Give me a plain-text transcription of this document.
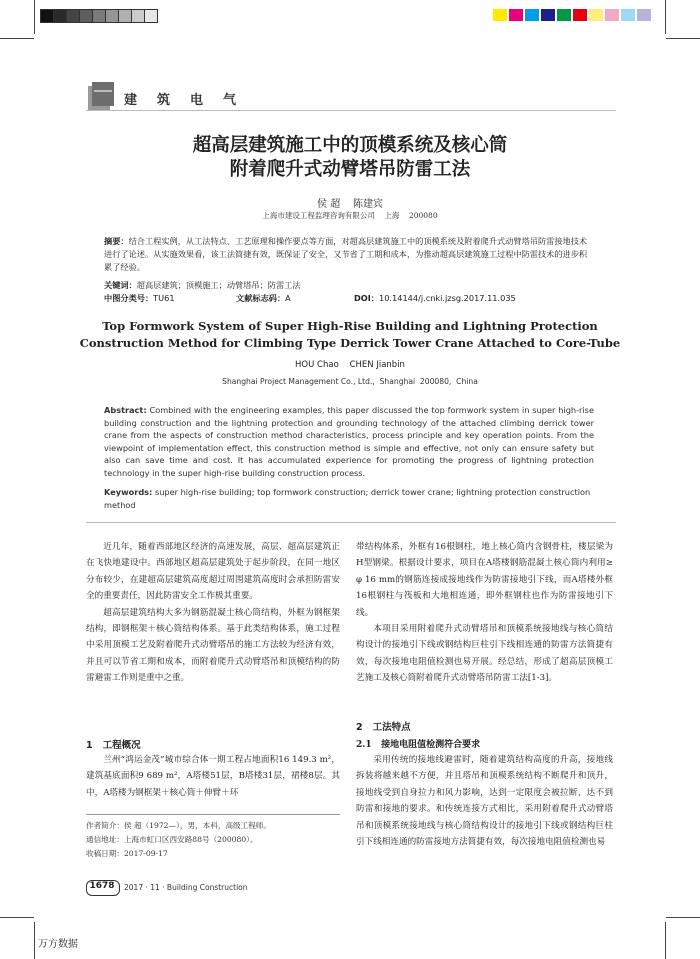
建筑电气
超高层建筑施工中的顶模系统及核心筒
附着爬升式动臂塔吊防雷工法
侯 超    陈建宾
上海市建设工程监理咨询有限公司    上海    200080
摘要：结合工程实例，从工法特点、工艺原理和操作要点等方面，对超高层建筑施工中的顶模系统及附着爬升式动臂塔吊防雷接地技术进行了论述。从实施效果看，该工法简捷有效，既保证了安全，又节省了工期和成本，为推动超高层建筑施工过程中防雷技术的进步积累了经验。
关键词：超高层建筑；顶模施工；动臂塔吊；防雷工法
中图分类号：TU61	文献标志码：A	DOI：10.14144/j.cnki.jzsg.2017.11.035
Top Formwork System of Super High-Rise Building and Lightning Protection
Construction Method for Climbing Type Derrick Tower Crane Attached to Core-Tube
HOU Chao    CHEN Jianbin
Shanghai Project Management Co., Ltd.,  Shanghai  200080,  China
Abstract: Combined with the engineering examples, this paper discussed the top formwork system in super high-rise building construction and the lightning protection and grounding technology of the attached climbing derrick tower crane from the aspects of construction method characteristics, process principle and key operation points. From the viewpoint of implementation effect, this construction method is simple and effective, not only can ensure safety but also can save time and cost. It has accumulated experience for promoting the progress of lightning protection technology in the super high-rise building construction process.
Keywords: super high-rise building; top formwork construction; derrick tower crane; lightning protection construction method

近几年，随着西部地区经济的高速发展，高层、超高层建筑正在飞快地建设中。西部地区超高层建筑处于起步阶段，在同一地区分布较少，在建超高层建筑高度超过周围建筑高度时会承担防雷安全的重要责任，因此防雷安全工作极其重要。

超高层建筑结构大多为钢筋混凝土核心筒结构，外框为钢框架结构，即钢框架＋核心筒结构体系。基于此类结构体系，施工过程中采用顶模工艺及附着爬升式动臂塔吊的施工方法较为经济有效，并且可以节省工期和成本，而附着爬升式动臂塔吊和顶模结构的防雷避雷工作则是重中之重。

1 工程概况

兰州“鸿运金茂”城市综合体一期工程占地面积16 149.3 m²，建筑基底面积9 689 m²，A塔楼51层，B塔楼31层，裙楼8层。其中，A塔楼为钢框架＋核心筒＋伸臂＋环

作者简介：侯 超（1972—），男，本科，高级工程师。
通信地址：上海市虹口区西安路88号（200080）。
收稿日期：2017-09-17

带结构体系，外框有16根钢柱，地上核心筒内含钢骨柱，楼层梁为H型钢梁。根据设计要求，项目在A塔楼钢筋混凝土核心筒内利用≥ φ 16 mm的钢筋连接成接地线作为防雷接地引下线，而A塔楼外框16根钢柱与筏板和大地相连通，即外框钢柱也作为防雷接地引下线。

本项目采用附着爬升式动臂塔吊和顶模系统接地线与核心筒结构设计的接地引下线或钢结构巨柱引下线相连通的防雷方法简捷有效，每次接地电阻值检测也易开展。经总结，形成了超高层顶模工艺施工及核心筒附着爬升式动臂塔吊防雷工法[1-3]。

2 工法特点
2.1 接地电阻值检测符合要求

采用传统的接地线避雷时，随着建筑结构高度的升高，接地线拆装将越来越不方便，并且塔吊和顶模系统结构不断爬升和顶升，接地线受到自身拉力和风力影响，达到一定限度会被拉断，达不到防雷和接地的要求。和传统连接方式相比，采用附着爬升式动臂塔吊和顶模系统接地线与核心筒结构设计的接地引下线或钢结构巨柱引下线相连通的防雷接地方法简捷有效，每次接地电阻值检测也易

1678	2017 · 11 · Building Construction
万方数据
